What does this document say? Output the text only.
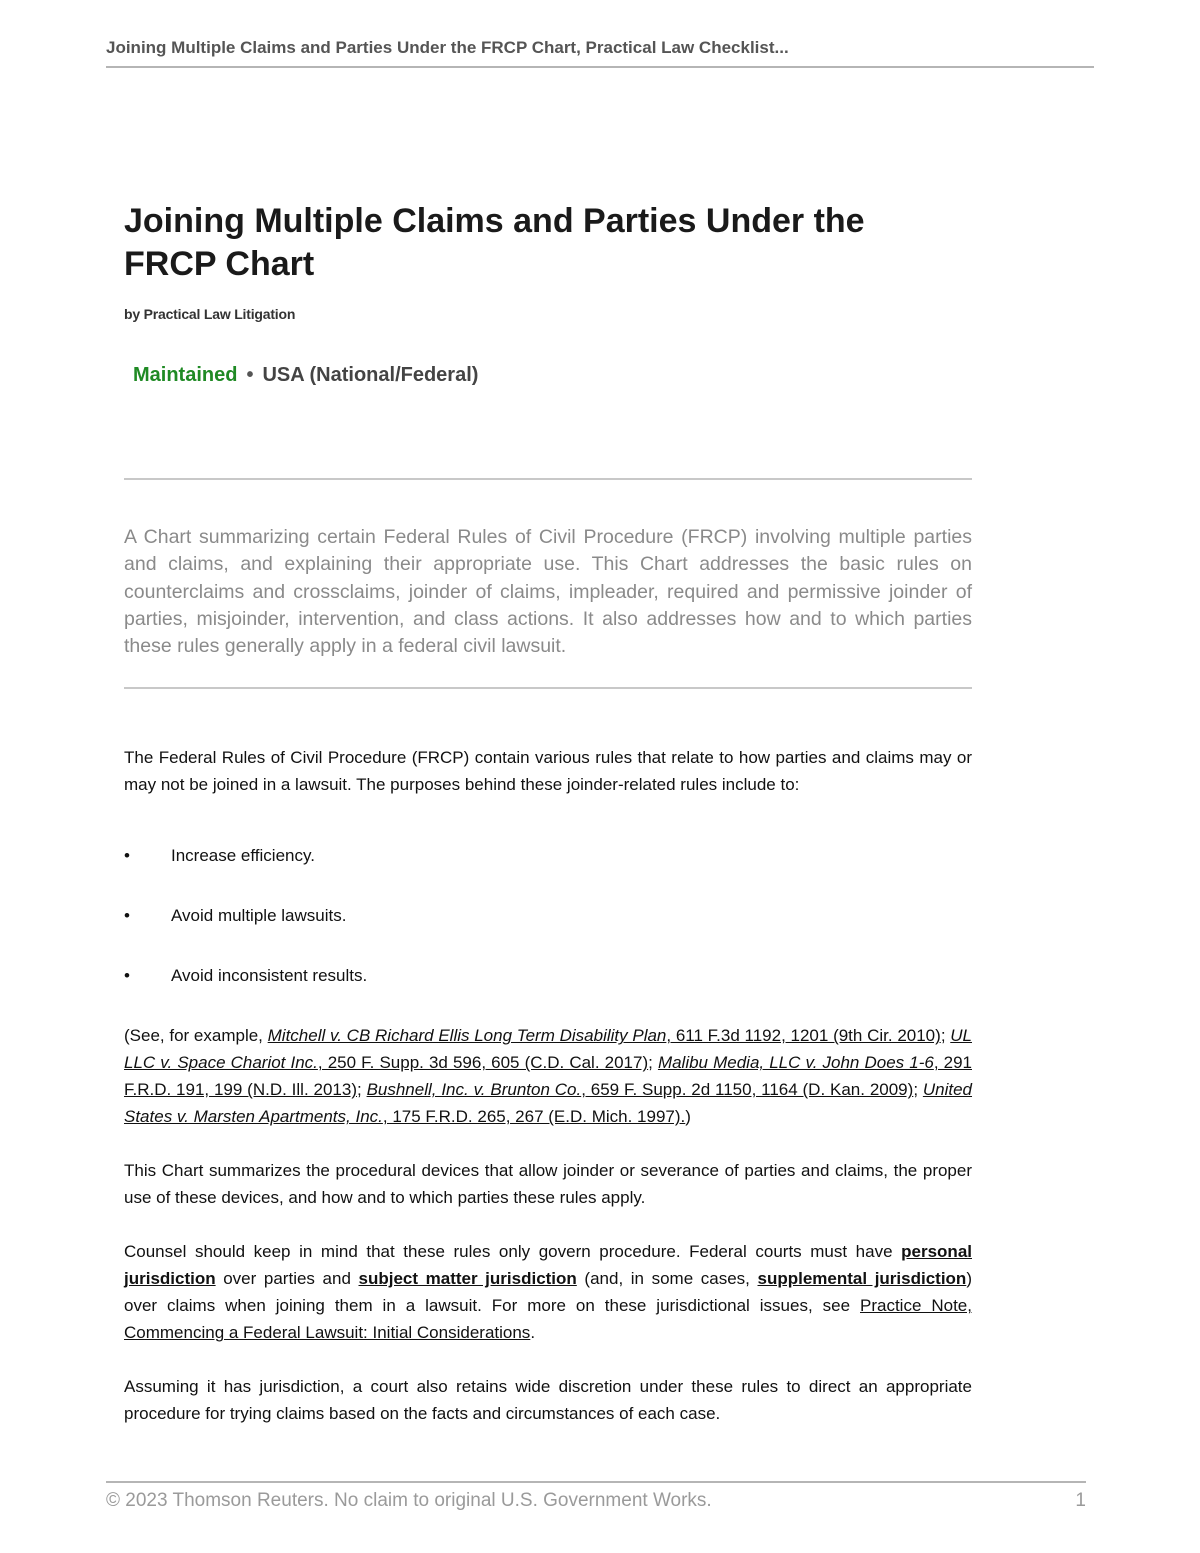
Joining Multiple Claims and Parties Under the FRCP Chart, Practical Law Checklist...
Joining Multiple Claims and Parties Under the
FRCP Chart
by Practical Law Litigation
Maintained • USA (National/Federal)

A Chart summarizing certain Federal Rules of Civil Procedure (FRCP) involving multiple parties and claims, and explaining their appropriate use. This Chart addresses the basic rules on counterclaims and crossclaims, joinder of claims, impleader, required and permissive joinder of parties, misjoinder, intervention, and class actions. It also addresses how and to which parties these rules generally apply in a federal civil lawsuit.

The Federal Rules of Civil Procedure (FRCP) contain various rules that relate to how parties and claims may or may not be joined in a lawsuit. The purposes behind these joinder-related rules include to:

• Increase efficiency.
• Avoid multiple lawsuits.
• Avoid inconsistent results.

(See, for example, Mitchell v. CB Richard Ellis Long Term Disability Plan, 611 F.3d 1192, 1201 (9th Cir. 2010); UL LLC v. Space Chariot Inc., 250 F. Supp. 3d 596, 605 (C.D. Cal. 2017); Malibu Media, LLC v. John Does 1-6, 291 F.R.D. 191, 199 (N.D. Ill. 2013); Bushnell, Inc. v. Brunton Co., 659 F. Supp. 2d 1150, 1164 (D. Kan. 2009); United States v. Marsten Apartments, Inc., 175 F.R.D. 265, 267 (E.D. Mich. 1997).)

This Chart summarizes the procedural devices that allow joinder or severance of parties and claims, the proper use of these devices, and how and to which parties these rules apply.

Counsel should keep in mind that these rules only govern procedure. Federal courts must have personal jurisdiction over parties and subject matter jurisdiction (and, in some cases, supplemental jurisdiction) over claims when joining them in a lawsuit. For more on these jurisdictional issues, see Practice Note, Commencing a Federal Lawsuit: Initial Considerations.

Assuming it has jurisdiction, a court also retains wide discretion under these rules to direct an appropriate procedure for trying claims based on the facts and circumstances of each case.

© 2023 Thomson Reuters. No claim to original U.S. Government Works.	1
